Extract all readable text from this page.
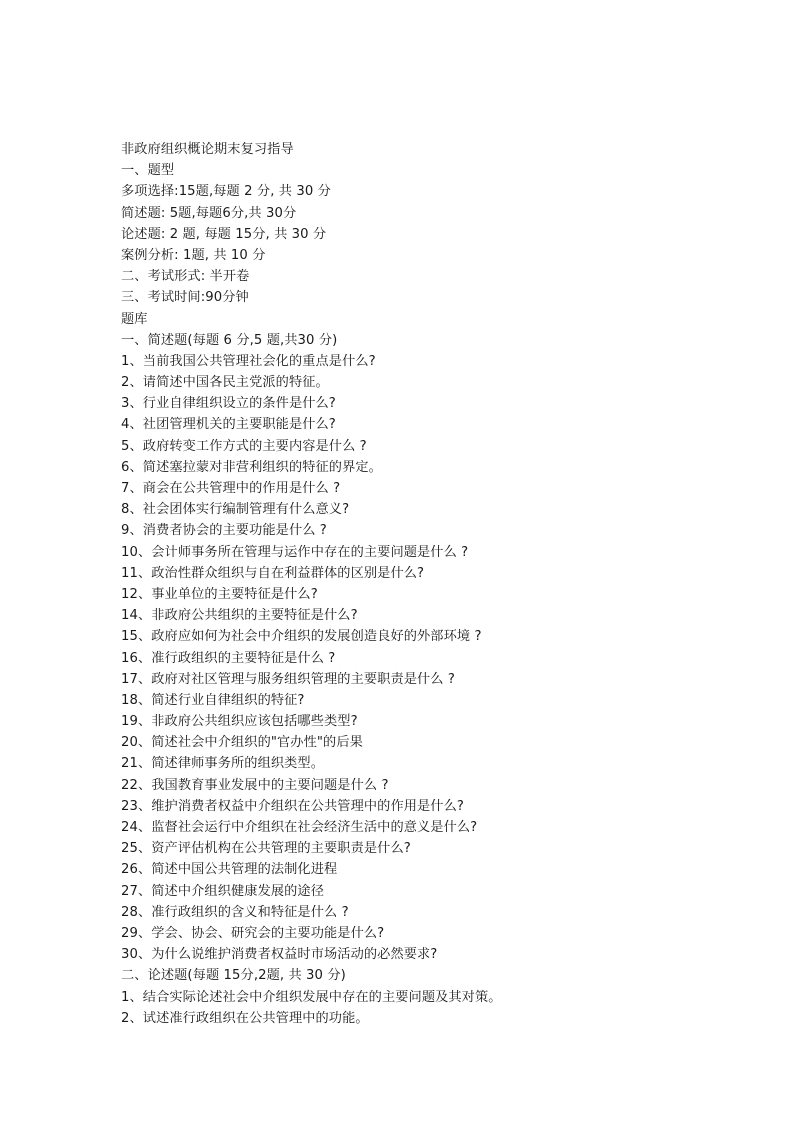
非政府组织概论期末复习指导
一、题型
多项选择:15题,每题 2 分, 共 30 分
简述题: 5题,每题6分,共 30分
论述题: 2 题, 每题 15分, 共 30 分
案例分析: 1题, 共 10 分
二、考试形式: 半开卷
三、考试时间:90分钟
题库
一、简述题(每题 6 分,5 题,共30 分)
1、当前我国公共管理社会化的重点是什么?
2、请简述中国各民主党派的特征。
3、行业自律组织设立的条件是什么?
4、社团管理机关的主要职能是什么?
5、政府转变工作方式的主要内容是什么 ?
6、简述塞拉蒙对非营利组织的特征的界定。
7、商会在公共管理中的作用是什么 ?
8、社会团体实行编制管理有什么意义?
9、消费者协会的主要功能是什么 ?
10、会计师事务所在管理与运作中存在的主要问题是什么 ?
11、政治性群众组织与自在利益群体的区别是什么?
12、事业单位的主要特征是什么?
14、非政府公共组织的主要特征是什么?
15、政府应如何为社会中介组织的发展创造良好的外部环境 ?
16、准行政组织的主要特征是什么 ?
17、政府对社区管理与服务组织管理的主要职责是什么 ?
18、简述行业自律组织的特征?
19、非政府公共组织应该包括哪些类型?
20、简述社会中介组织的"官办性"的后果
21、简述律师事务所的组织类型。
22、我国教育事业发展中的主要问题是什么 ?
23、维护消费者权益中介组织在公共管理中的作用是什么?
24、监督社会运行中介组织在社会经济生活中的意义是什么?
25、资产评估机构在公共管理的主要职责是什么?
26、简述中国公共管理的法制化进程
27、简述中介组织健康发展的途径
28、准行政组织的含义和特征是什么 ?
29、学会、协会、研究会的主要功能是什么?
30、为什么说维护消费者权益时市场活动的必然要求?
二、论述题(每题 15分,2题, 共 30 分)
1、结合实际论述社会中介组织发展中存在的主要问题及其对策。
2、试述准行政组织在公共管理中的功能。
